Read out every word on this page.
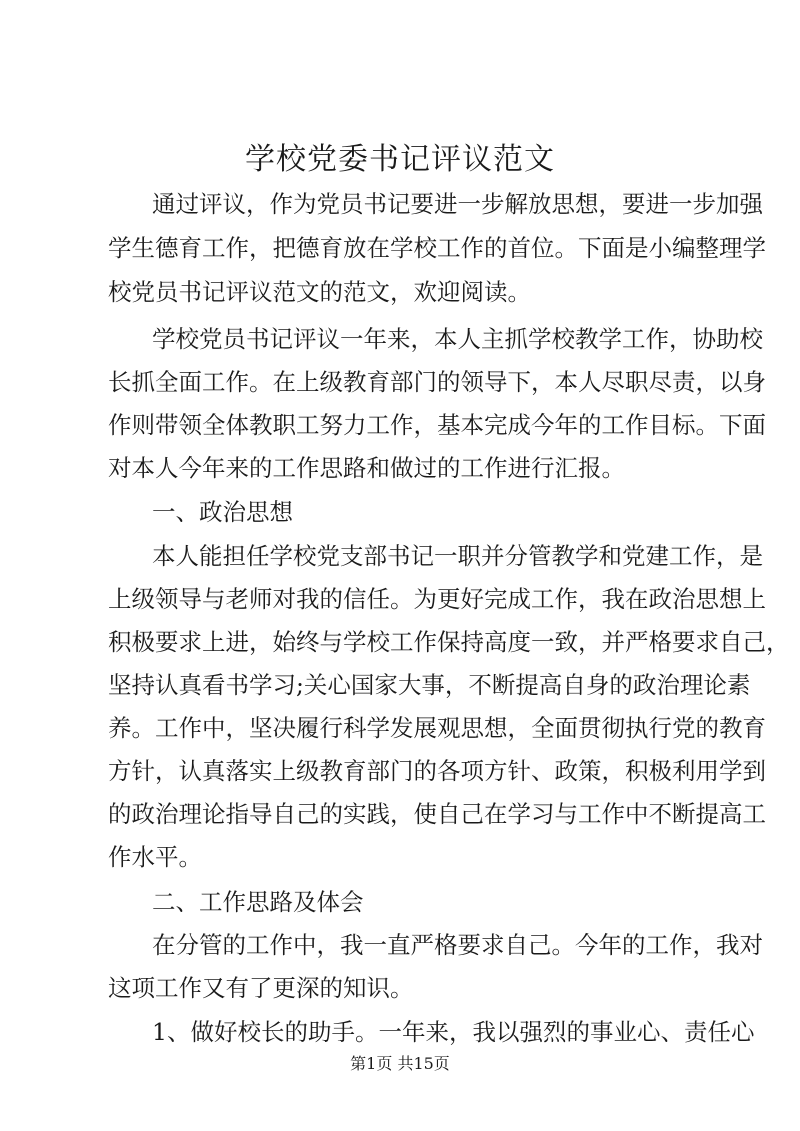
学校党委书记评议范文
通过评议，作为党员书记要进一步解放思想，要进一步加强
学生德育工作，把德育放在学校工作的首位。下面是小编整理学
校党员书记评议范文的范文，欢迎阅读。
学校党员书记评议一年来，本人主抓学校教学工作，协助校
长抓全面工作。在上级教育部门的领导下，本人尽职尽责，以身
作则带领全体教职工努力工作，基本完成今年的工作目标。下面
对本人今年来的工作思路和做过的工作进行汇报。
一、政治思想
本人能担任学校党支部书记一职并分管教学和党建工作，是
上级领导与老师对我的信任。为更好完成工作，我在政治思想上
积极要求上进，始终与学校工作保持高度一致，并严格要求自己，
坚持认真看书学习;关心国家大事，不断提高自身的政治理论素
养。工作中，坚决履行科学发展观思想，全面贯彻执行党的教育
方针，认真落实上级教育部门的各项方针、政策，积极利用学到
的政治理论指导自己的实践，使自己在学习与工作中不断提高工
作水平。
二、工作思路及体会
在分管的工作中，我一直严格要求自己。今年的工作，我对
这项工作又有了更深的知识。
1、做好校长的助手。一年来，我以强烈的事业心、责任心
第1页 共15页
